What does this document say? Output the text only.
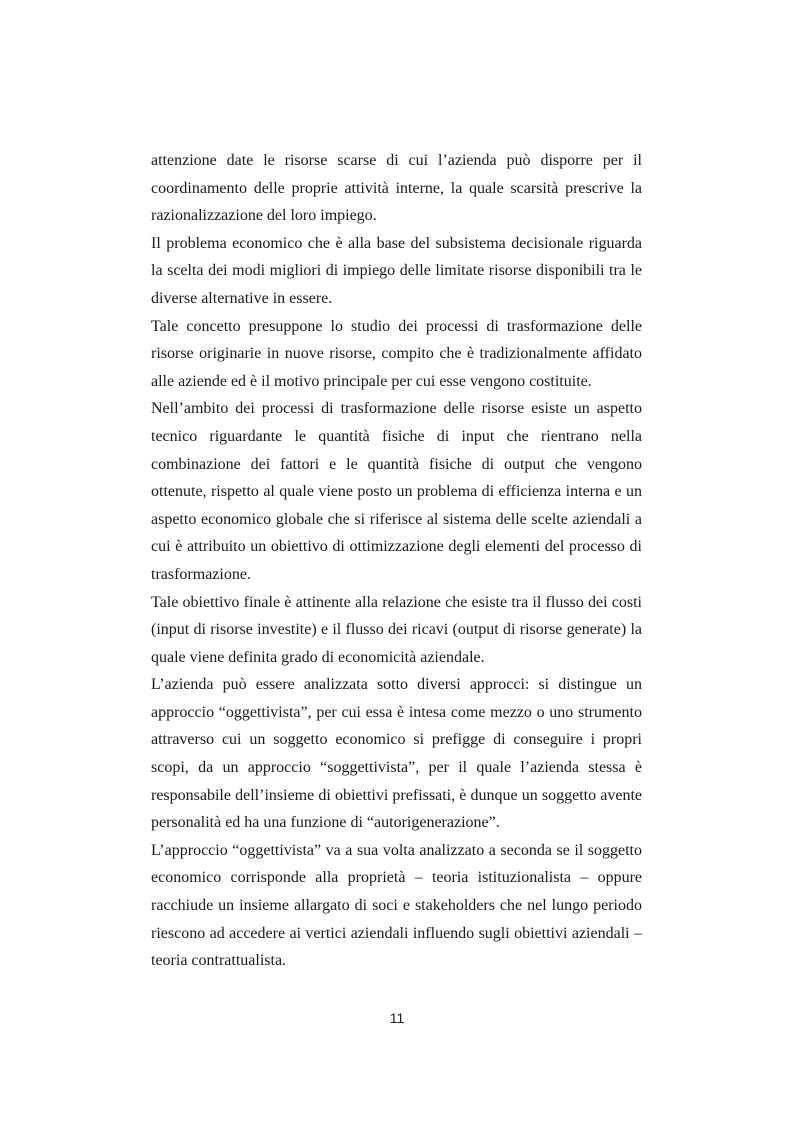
attenzione date le risorse scarse di cui l’azienda può disporre per il
coordinamento delle proprie attività interne, la quale scarsità prescrive la
razionalizzazione del loro impiego.
Il problema economico che è alla base del subsistema decisionale riguarda
la scelta dei modi migliori di impiego delle limitate risorse disponibili tra le
diverse alternative in essere.
Tale concetto presuppone lo studio dei processi di trasformazione delle
risorse originarie in nuove risorse, compito che è tradizionalmente affidato
alle aziende ed è il motivo principale per cui esse vengono costituite.
Nell’ambito dei processi di trasformazione delle risorse esiste un aspetto
tecnico riguardante le quantità fisiche di input che rientrano nella
combinazione dei fattori e le quantità fisiche di output che vengono
ottenute, rispetto al quale viene posto un problema di efficienza interna e un
aspetto economico globale che si riferisce al sistema delle scelte aziendali a
cui è attribuito un obiettivo di ottimizzazione degli elementi del processo di
trasformazione.
Tale obiettivo finale è attinente alla relazione che esiste tra il flusso dei costi
(input di risorse investite) e il flusso dei ricavi (output di risorse generate) la
quale viene definita grado di economicità aziendale.
L’azienda può essere analizzata sotto diversi approcci: si distingue un
approccio “oggettivista”, per cui essa è intesa come mezzo o uno strumento
attraverso cui un soggetto economico si prefigge di conseguire i propri
scopi, da un approccio “soggettivista”, per il quale l’azienda stessa è
responsabile dell’insieme di obiettivi prefissati, è dunque un soggetto avente
personalità ed ha una funzione di “autorigenerazione”.
L’approccio “oggettivista” va a sua volta analizzato a seconda se il soggetto
economico corrisponde alla proprietà – teoria istituzionalista – oppure
racchiude un insieme allargato di soci e stakeholders che nel lungo periodo
riescono ad accedere ai vertici aziendali influendo sugli obiettivi aziendali –
teoria contrattualista.
11
